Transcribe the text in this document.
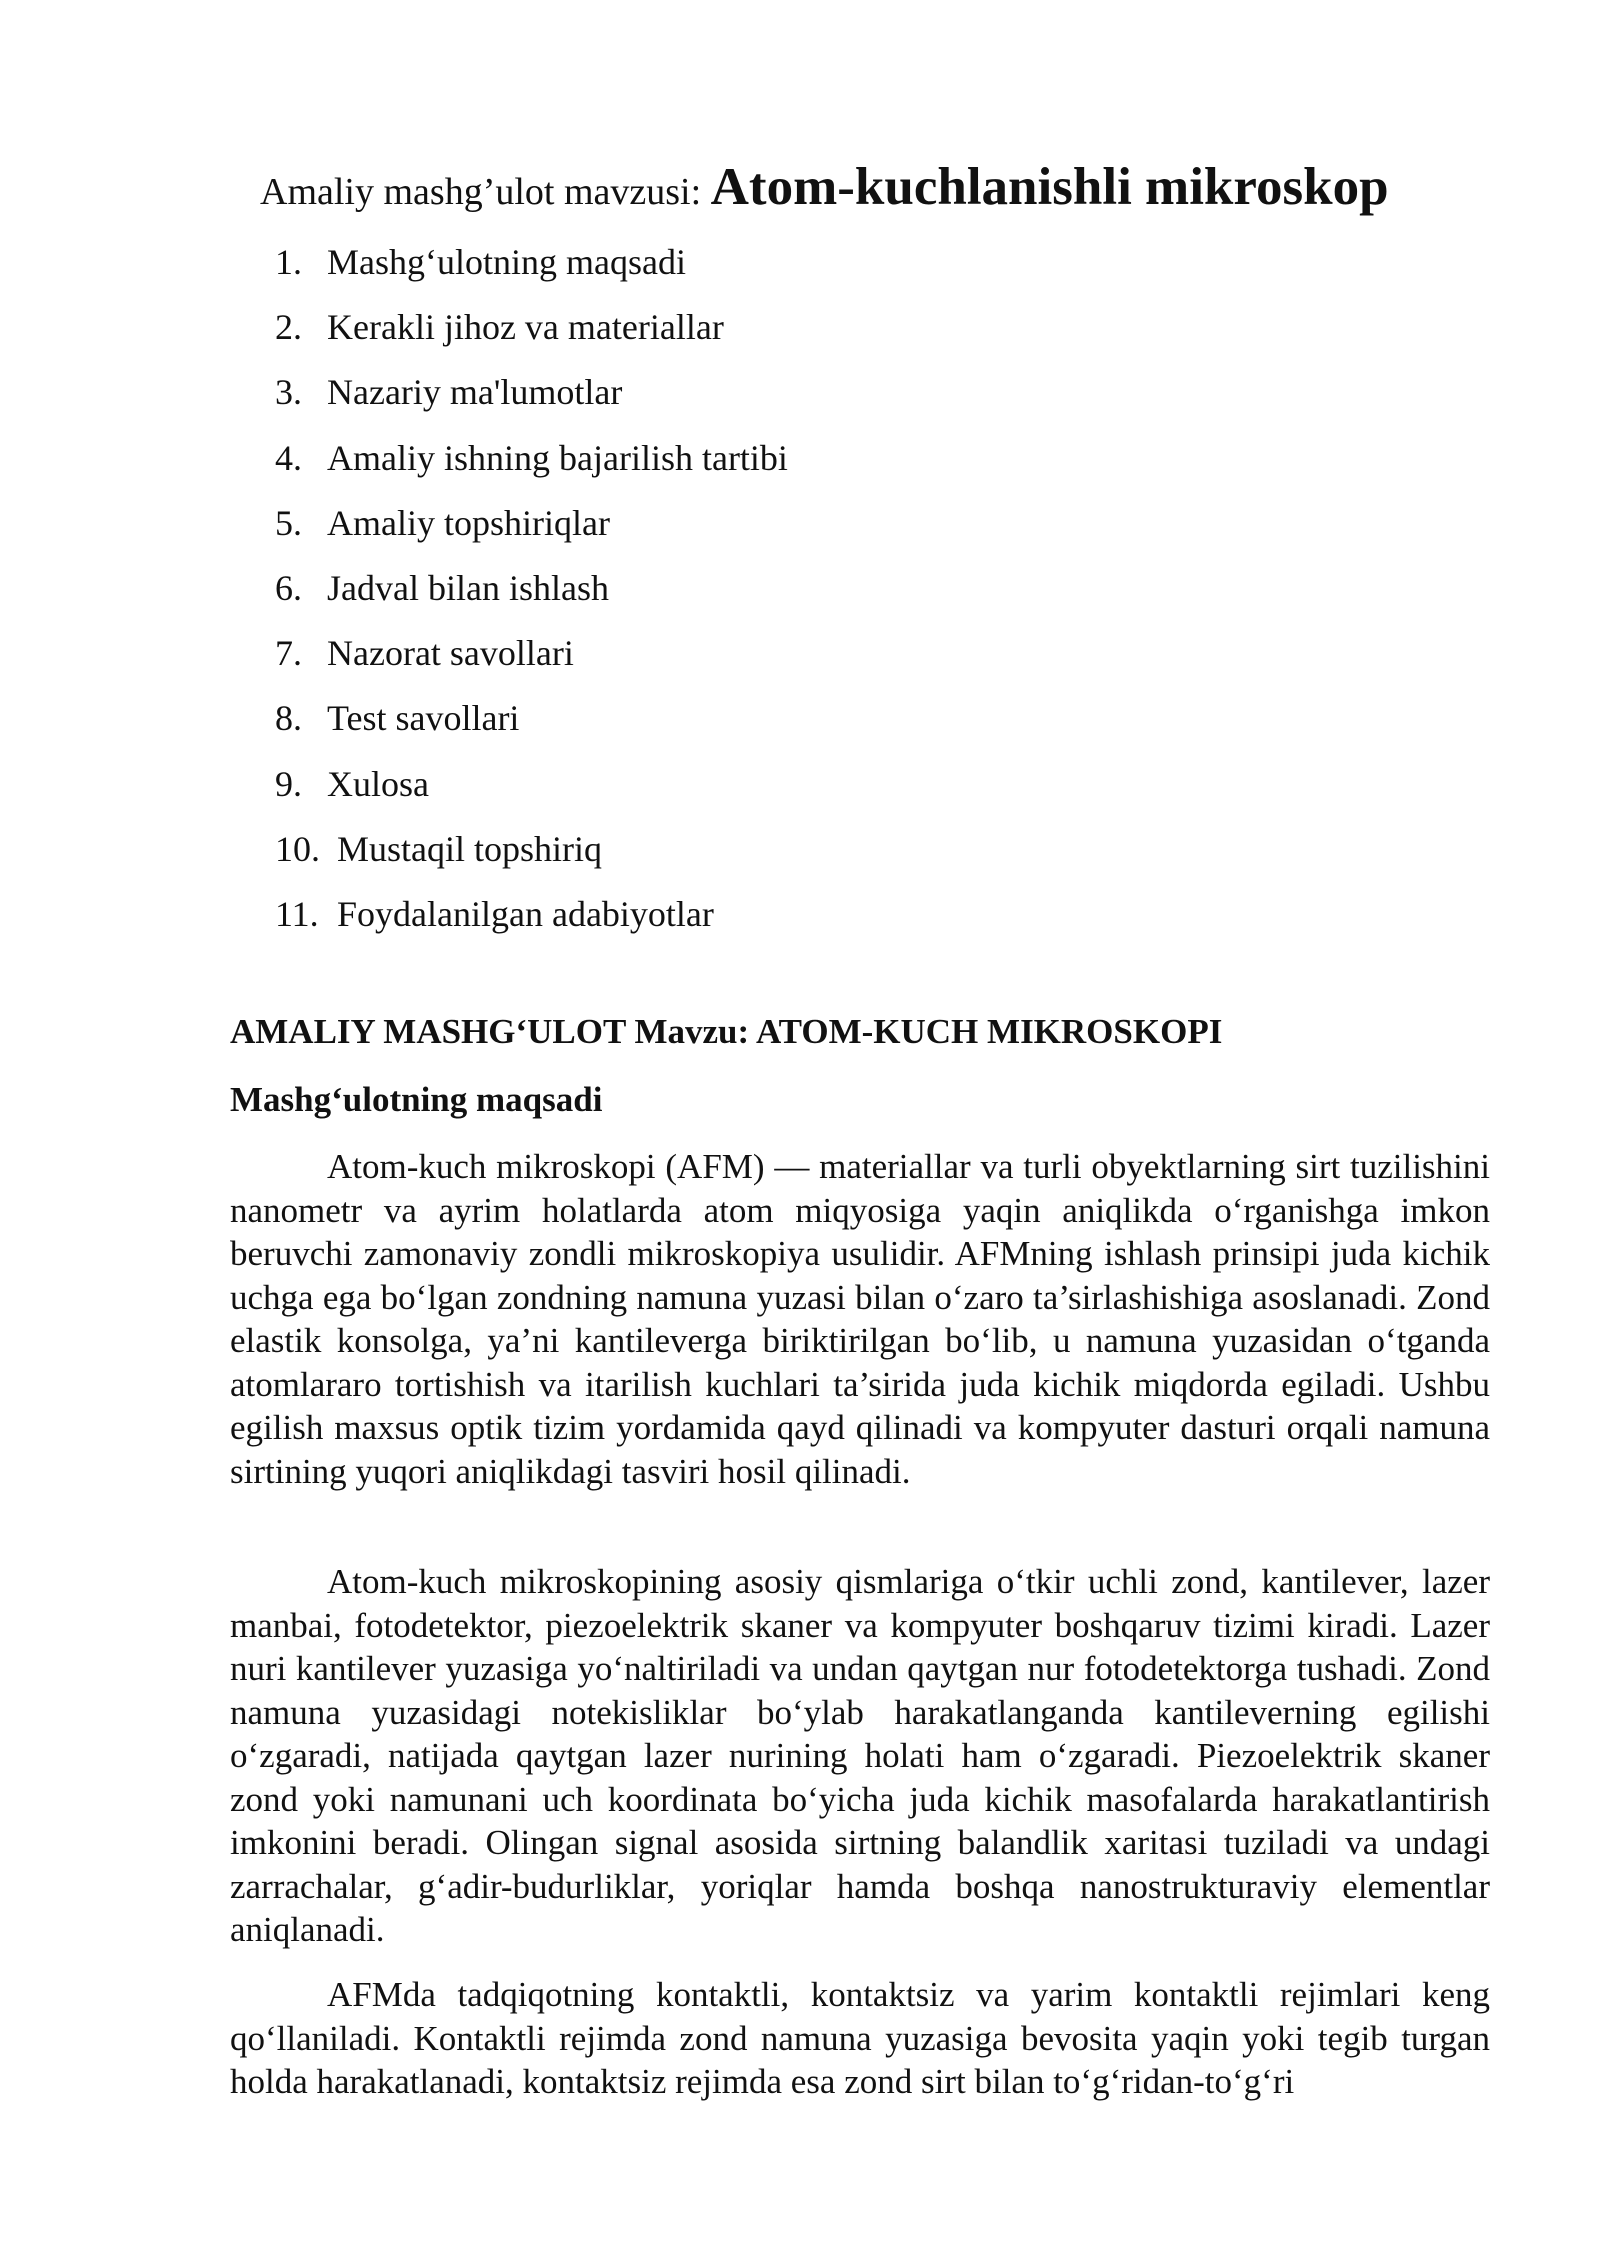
Amaliy mashg’ulot mavzusi: Atom-kuchlanishli mikroskop
1. Mashg‘ulotning maqsadi
2. Kerakli jihoz va materiallar
3. Nazariy ma'lumotlar
4. Amaliy ishning bajarilish tartibi
5. Amaliy topshiriqlar
6. Jadval bilan ishlash
7. Nazorat savollari
8. Test savollari
9. Xulosa
10. Mustaqil topshiriq
11. Foydalanilgan adabiyotlar
AMALIY MASHG‘ULOT Mavzu: ATOM-KUCH MIKROSKOPI
Mashg‘ulotning maqsadi

Atom-kuch mikroskopi (AFM) — materiallar va turli obyektlarning sirt tuzilishini nanometr va ayrim holatlarda atom miqyosiga yaqin aniqlikda o‘rganishga imkon beruvchi zamonaviy zondli mikroskopiya usulidir. AFMning ishlash prinsipi juda kichik uchga ega bo‘lgan zondning namuna yuzasi bilan o‘zaro ta’sirlashishiga asoslanadi. Zond elastik konsolga, ya’ni kantileverga biriktirilgan bo‘lib, u namuna yuzasidan o‘tganda atomlararo tortishish va itarilish kuchlari ta’sirida juda kichik miqdorda egiladi. Ushbu egilish maxsus optik tizim yordamida qayd qilinadi va kompyuter dasturi orqali namuna sirtining yuqori aniqlikdagi tasviri hosil qilinadi.

Atom-kuch mikroskopining asosiy qismlariga o‘tkir uchli zond, kantilever, lazer manbai, fotodetektor, piezoelektrik skaner va kompyuter boshqaruv tizimi kiradi. Lazer nuri kantilever yuzasiga yo‘naltiriladi va undan qaytgan nur fotodetektorga tushadi. Zond namuna yuzasidagi notekisliklar bo‘ylab harakatlanganda kantileverning egilishi o‘zgaradi, natijada qaytgan lazer nurining holati ham o‘zgaradi. Piezoelektrik skaner zond yoki namunani uch koordinata bo‘yicha juda kichik masofalarda harakatlantirish imkonini beradi. Olingan signal asosida sirtning balandlik xaritasi tuziladi va undagi zarrachalar, g‘adir-budurliklar, yoriqlar hamda boshqa nanostrukturaviy elementlar aniqlanadi.

AFMda tadqiqotning kontaktli, kontaktsiz va yarim kontaktli rejimlari keng qo‘llaniladi. Kontaktli rejimda zond namuna yuzasiga bevosita yaqin yoki tegib turgan holda harakatlanadi, kontaktsiz rejimda esa zond sirt bilan to‘g‘ridan-to‘g‘ri
